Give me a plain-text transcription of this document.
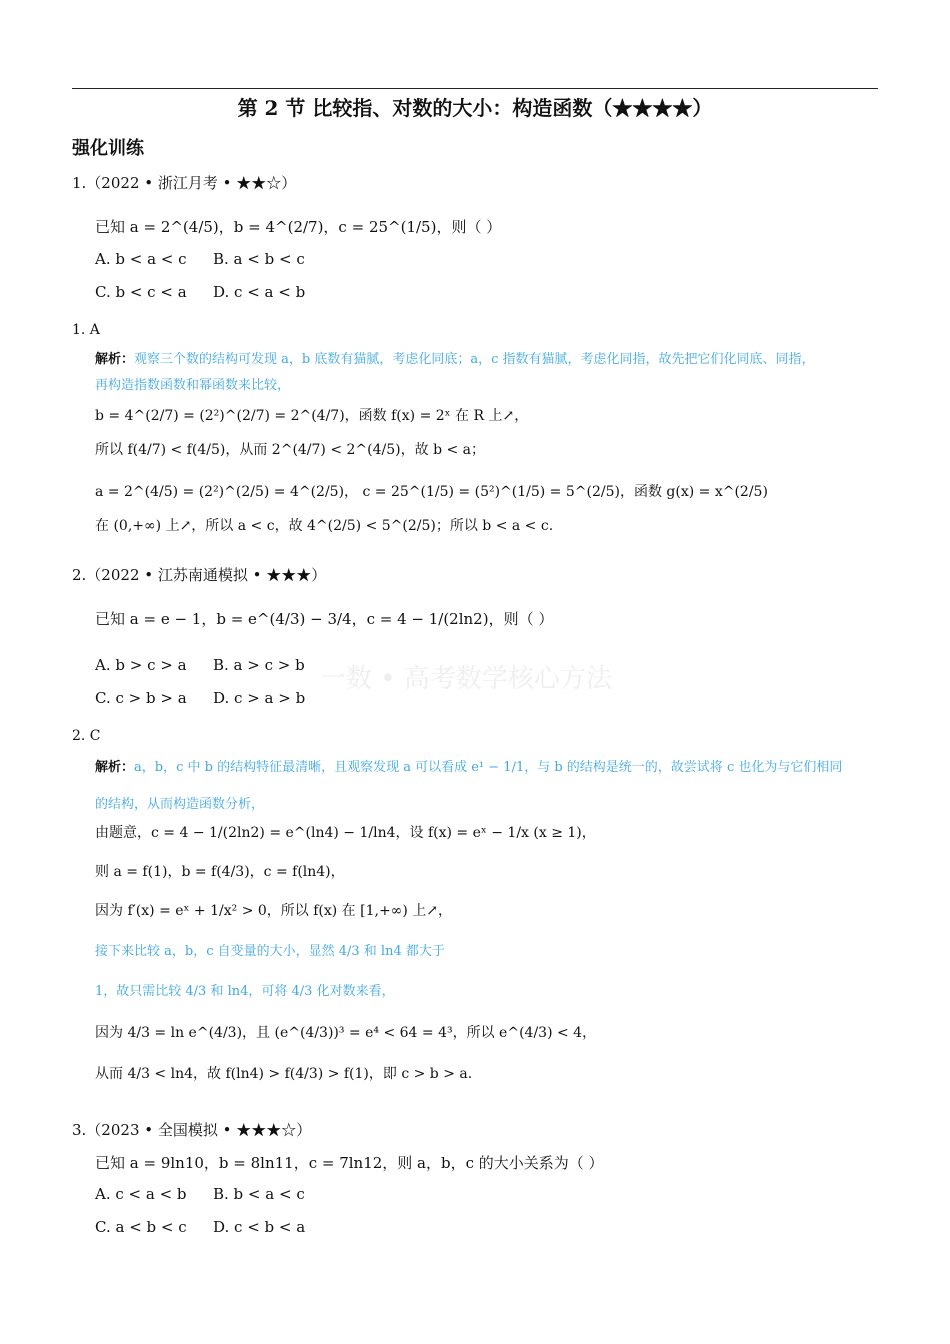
第 2 节 比较指、对数的大小：构造函数（★★★★）
强化训练
1.（2022 • 浙江月考 • ★★☆）
已知 a = 2^(4/5)，b = 4^(2/7)，c = 25^(1/5)，则（ ）
A. b < a < c B. a < b < c
C. b < c < a D. c < a < b
1. A
解析：观察三个数的结构可发现 a，b 底数有猫腻，考虑化同底；a，c 指数有猫腻，考虑化同指，故先把它们化同底、同指，
再构造指数函数和幂函数来比较，
b = 4^(2/7) = (2²)^(2/7) = 2^(4/7)，函数 f(x) = 2ˣ 在 R 上↗，
所以 f(4/7) < f(4/5)，从而 2^(4/7) < 2^(4/5)，故 b < a；
a = 2^(4/5) = (2²)^(2/5) = 4^(2/5)， c = 25^(1/5) = (5²)^(1/5) = 5^(2/5)，函数 g(x) = x^(2/5)
在 (0,+∞) 上↗，所以 a < c，故 4^(2/5) < 5^(2/5)；所以 b < a < c.
2.（2022 • 江苏南通模拟 • ★★★）
已知 a = e − 1，b = e^(4/3) − 3/4，c = 4 − 1/(2ln2)，则（ ）
A. b > c > a B. a > c > b
C. c > b > a D. c > a > b
一数 • 高考数学核心方法
2. C
解析：a，b，c 中 b 的结构特征最清晰，且观察发现 a 可以看成 e¹ − 1/1，与 b 的结构是统一的，故尝试将 c 也化为与它们相同
的结构，从而构造函数分析，
由题意，c = 4 − 1/(2ln2) = e^(ln4) − 1/ln4，设 f(x) = eˣ − 1/x (x ≥ 1)，
则 a = f(1)，b = f(4/3)，c = f(ln4)，
因为 f′(x) = eˣ + 1/x² > 0，所以 f(x) 在 [1,+∞) 上↗，
接下来比较 a，b，c 自变量的大小，显然 4/3 和 ln4 都大于
1，故只需比较 4/3 和 ln4，可将 4/3 化对数来看，
因为 4/3 = ln e^(4/3)，且 (e^(4/3))³ = e⁴ < 64 = 4³，所以 e^(4/3) < 4，
从而 4/3 < ln4，故 f(ln4) > f(4/3) > f(1)，即 c > b > a.
3.（2023 • 全国模拟 • ★★★☆）
已知 a = 9ln10，b = 8ln11，c = 7ln12，则 a，b，c 的大小关系为（ ）
A. c < a < b B. b < a < c
C. a < b < c D. c < b < a
